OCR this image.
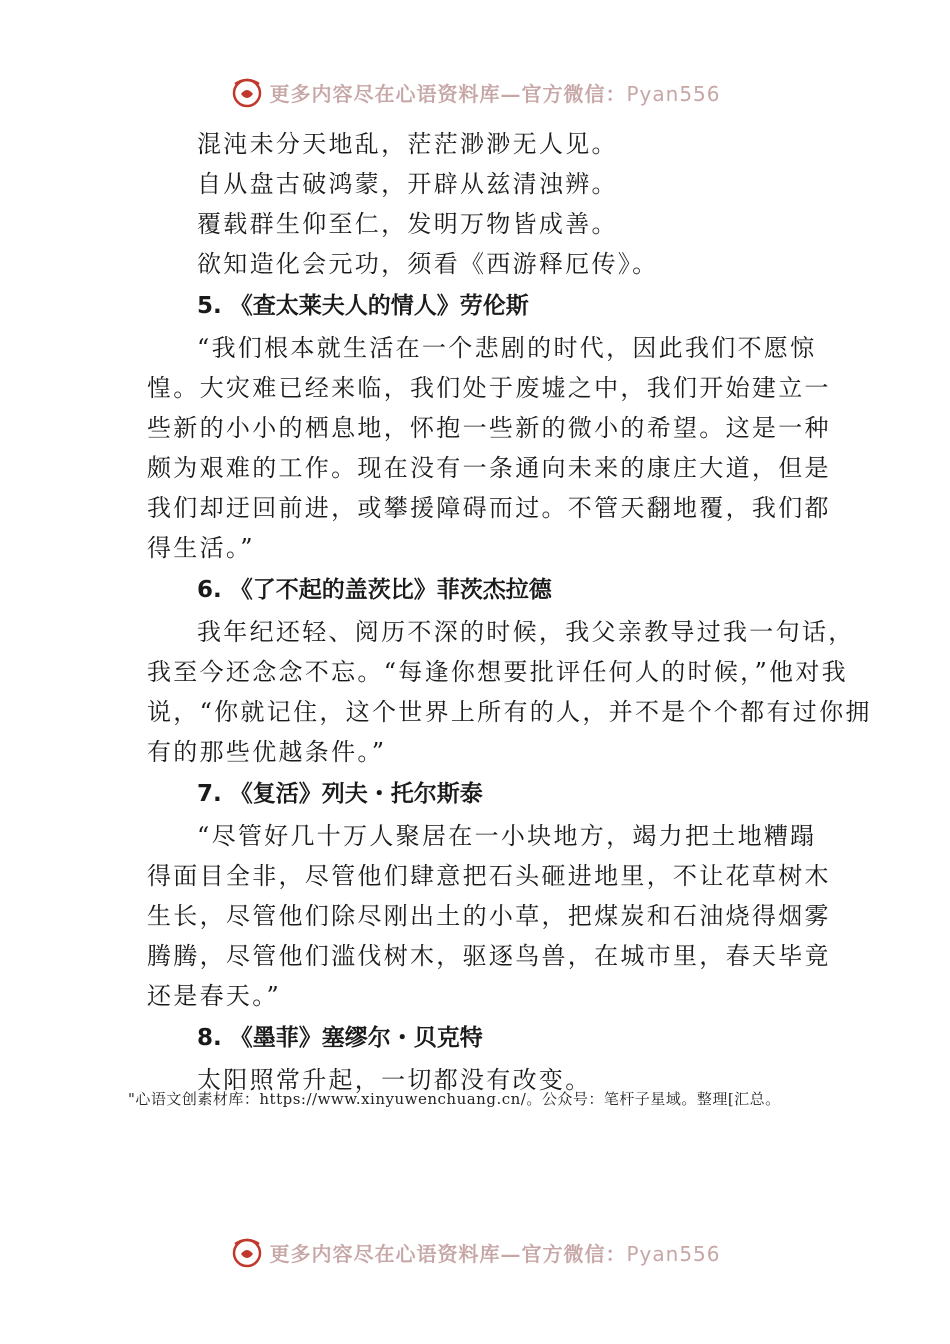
更多内容尽在心语资料库—官方微信：Pyan556
混沌未分天地乱，茫茫渺渺无人见。
自从盘古破鸿蒙，开辟从兹清浊辨。
覆载群生仰至仁，发明万物皆成善。
欲知造化会元功，须看《西游释厄传》。
5. 《查太莱夫人的情人》劳伦斯
“我们根本就生活在一个悲剧的时代，因此我们不愿惊
惶。大灾难已经来临，我们处于废墟之中，我们开始建立一
些新的小小的栖息地，怀抱一些新的微小的希望。这是一种
颇为艰难的工作。现在没有一条通向未来的康庄大道，但是
我们却迂回前进，或攀援障碍而过。不管天翻地覆，我们都
得生活。”
6. 《了不起的盖茨比》菲茨杰拉德
我年纪还轻、阅历不深的时候，我父亲教导过我一句话，
我至今还念念不忘。“每逢你想要批评任何人的时候，”他对我
说，“你就记住，这个世界上所有的人，并不是个个都有过你拥
有的那些优越条件。”
7. 《复活》列夫・托尔斯泰
“尽管好几十万人聚居在一小块地方，竭力把土地糟蹋
得面目全非，尽管他们肆意把石头砸进地里，不让花草树木
生长，尽管他们除尽刚出土的小草，把煤炭和石油烧得烟雾
腾腾，尽管他们滥伐树木，驱逐鸟兽，在城市里，春天毕竟
还是春天。”
8. 《墨菲》塞缪尔・贝克特
太阳照常升起，一切都没有改变。
"心语文创素材库：https://www.xinyuwenchuang.cn/。公众号：笔杆子星域。整理[汇总。
更多内容尽在心语资料库—官方微信：Pyan556
